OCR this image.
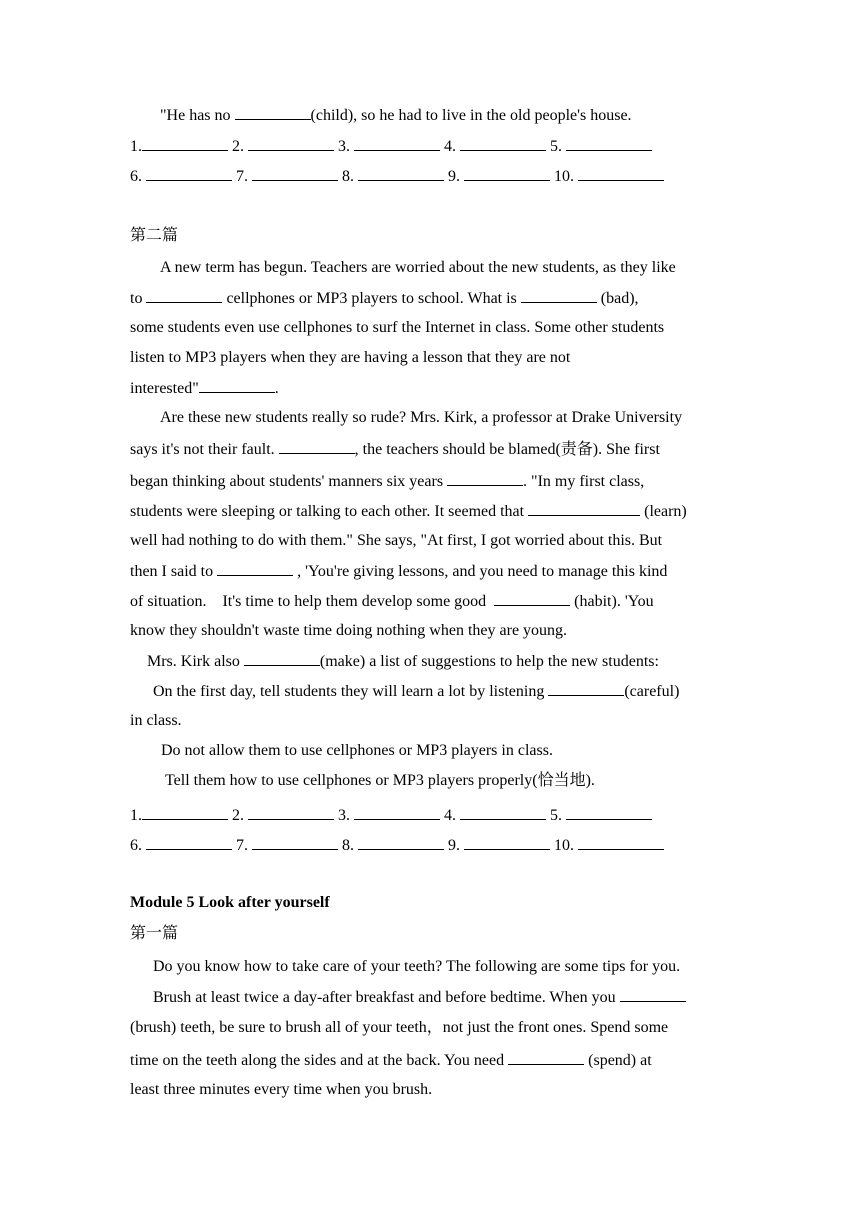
"He has no	(child), so he had to live in the old people's house.
1.	2.	3.	4.	5.
6.	7.	8.	9.	10.
第二篇
A new term has begun. Teachers are worried about the new students, as they like
to	cellphones or MP3 players to school. What is	(bad),
some students even use cellphones to surf the Internet in class. Some other students
listen to MP3 players when they are having a lesson that they are not
interested"	.
Are these new students really so rude? Mrs. Kirk, a professor at Drake University
says it's not their fault.	, the teachers should be blamed(责备). She first
began thinking about students' manners six years	. "In my first class,
students were sleeping or talking to each other. It seemed that	(learn)
well had nothing to do with them." She says, "At first, I got worried about this. But
then I said to	, 'You're giving lessons, and you need to manage this kind
of situation.    It's time to help them develop some good	(habit). 'You
know they shouldn't waste time doing nothing when they are young.
Mrs. Kirk also	(make) a list of suggestions to help the new students:
On the first day, tell students they will learn a lot by listening	(careful)
in class.
Do not allow them to use cellphones or MP3 players in class.
Tell them how to use cellphones or MP3 players properly(恰当地).
1.	2.	3.	4.	5.
6.	7.	8.	9.	10.
Module 5 Look after yourself
第一篇
Do you know how to take care of your teeth? The following are some tips for you.
Brush at least twice a day-after breakfast and before bedtime. When you
(brush) teeth, be sure to brush all of your teeth，not just the front ones. Spend some
time on the teeth along the sides and at the back. You need	(spend) at
least three minutes every time when you brush.
